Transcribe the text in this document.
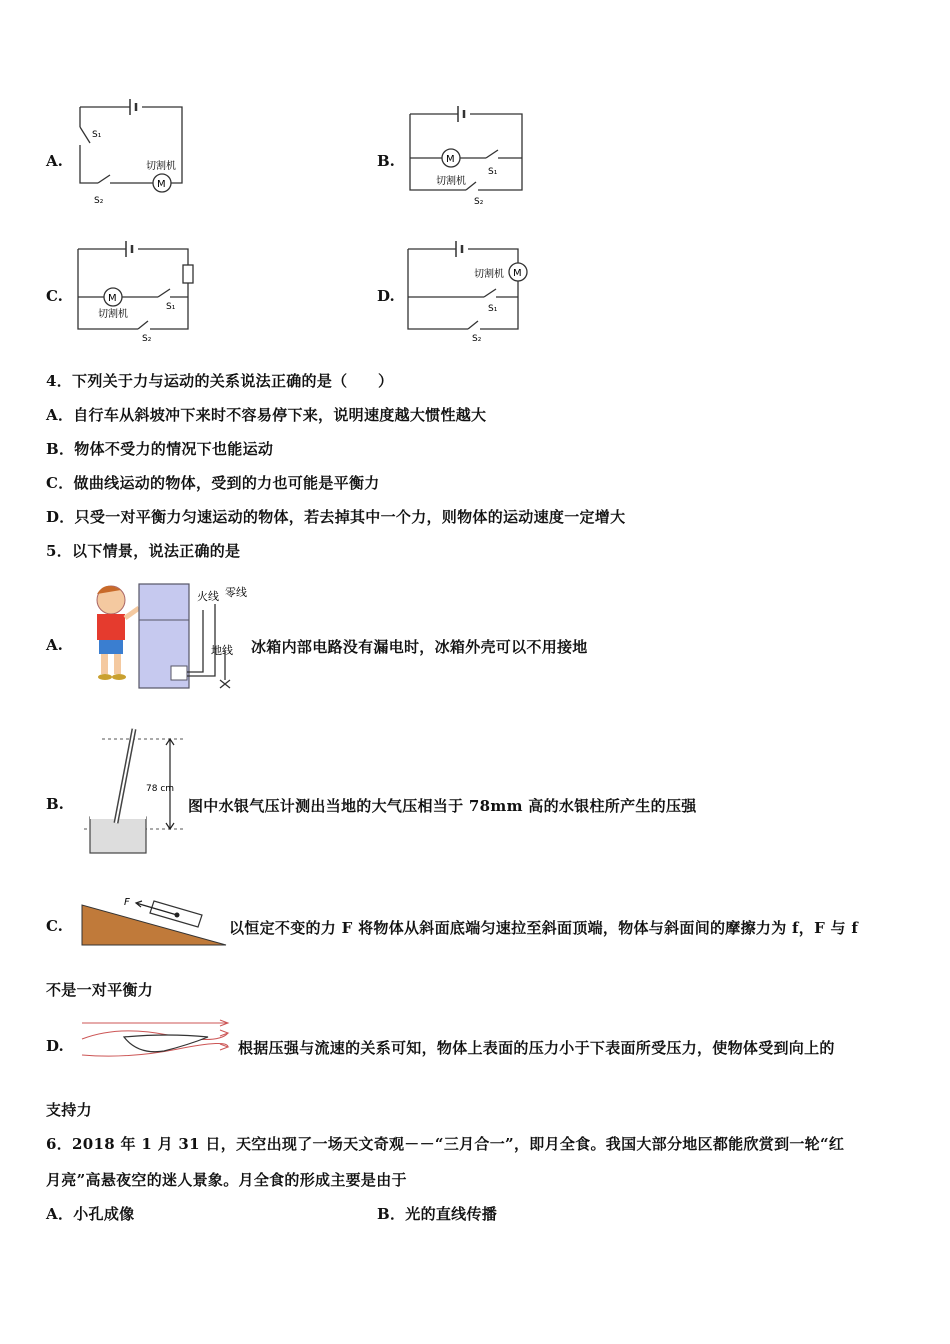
A.
M
S₁
S₂
切割机	B.	M
S₁
S₂
切割机
C.	M
S₁
S₂
切割机
D.
M
S₁
S₂
切割机
4．下列关于力与运动的关系说法正确的是（　　）
A．自行车从斜坡冲下来时不容易停下来，说明速度越大惯性越大
B．物体不受力的情况下也能运动
C．做曲线运动的物体，受到的力也可能是平衡力
D．只受一对平衡力匀速运动的物体，若去掉其中一个力，则物体的运动速度一定增大
5．以下情景，说法正确的是
A.
火线 零线
地线 冰箱内部电路没有漏电时，冰箱外壳可以不用接地
B.
78 cm
图中水银气压计测出当地的大气压相当于 78mm 高的水银柱所产生的压强
C.
F
以恒定不变的力 F 将物体从斜面底端匀速拉至斜面顶端，物体与斜面间的摩擦力为 f，F 与 f
不是一对平衡力
D.	根据压强与流速的关系可知，物体上表面的压力小于下表面所受压力，使物体受到向上的
支持力
6．2018 年 1 月 31 日，天空出现了一场天文奇观－－“三月合一”，即月全食。我国大部分地区都能欣赏到一轮“红
月亮”高悬夜空的迷人景象。月全食的形成主要是由于
A．小孔成像	B．光的直线传播
